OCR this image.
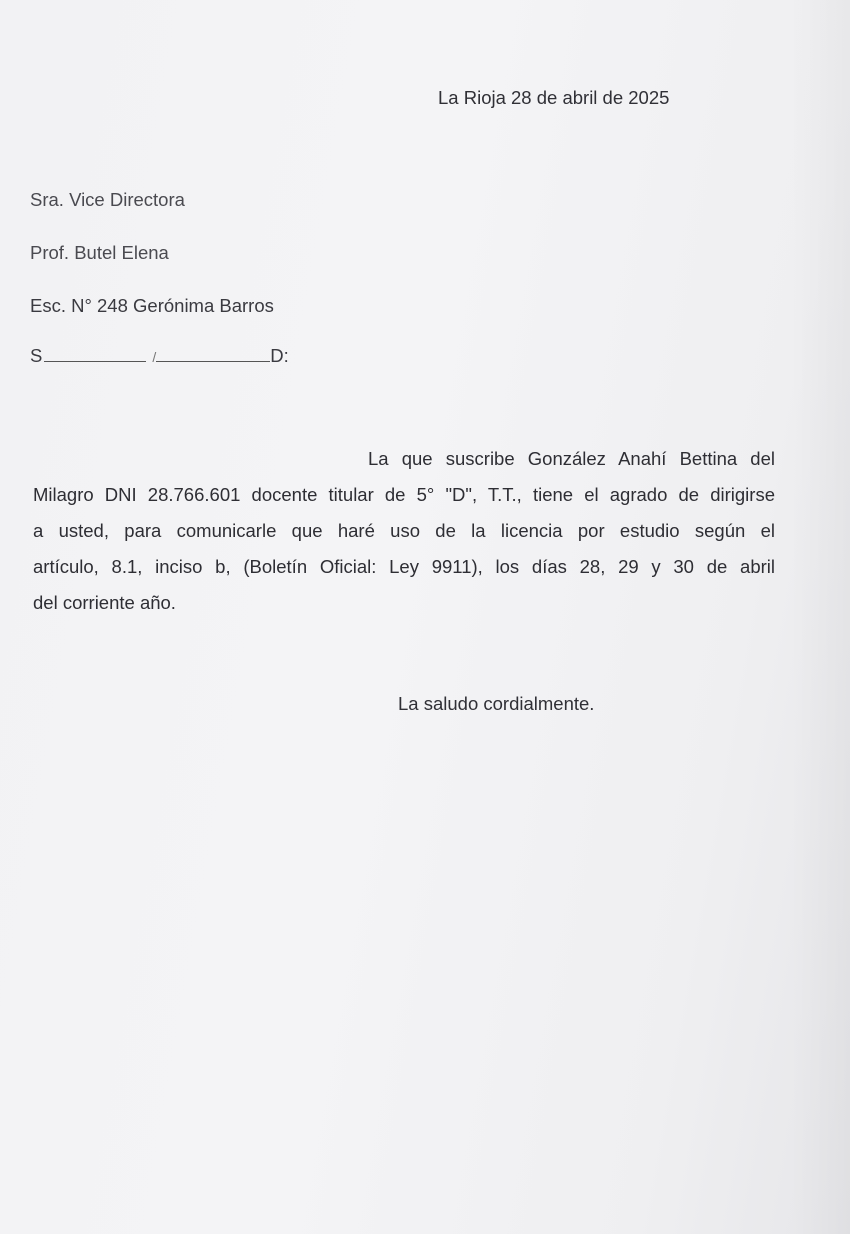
La Rioja 28 de abril de 2025
Sra. Vice Directora
Prof. Butel Elena
Esc. N° 248 Gerónima Barros
S	/	D:

La que suscribe González Anahí Bettina del

Milagro DNI 28.766.601 docente titular de 5° "D", T.T., tiene el agrado de dirigirse

a usted, para comunicarle que haré uso de la licencia por estudio según el

artículo, 8.1, inciso b, (Boletín Oficial: Ley 9911), los días 28, 29 y 30 de abril

del corriente año.

La saludo cordialmente.
